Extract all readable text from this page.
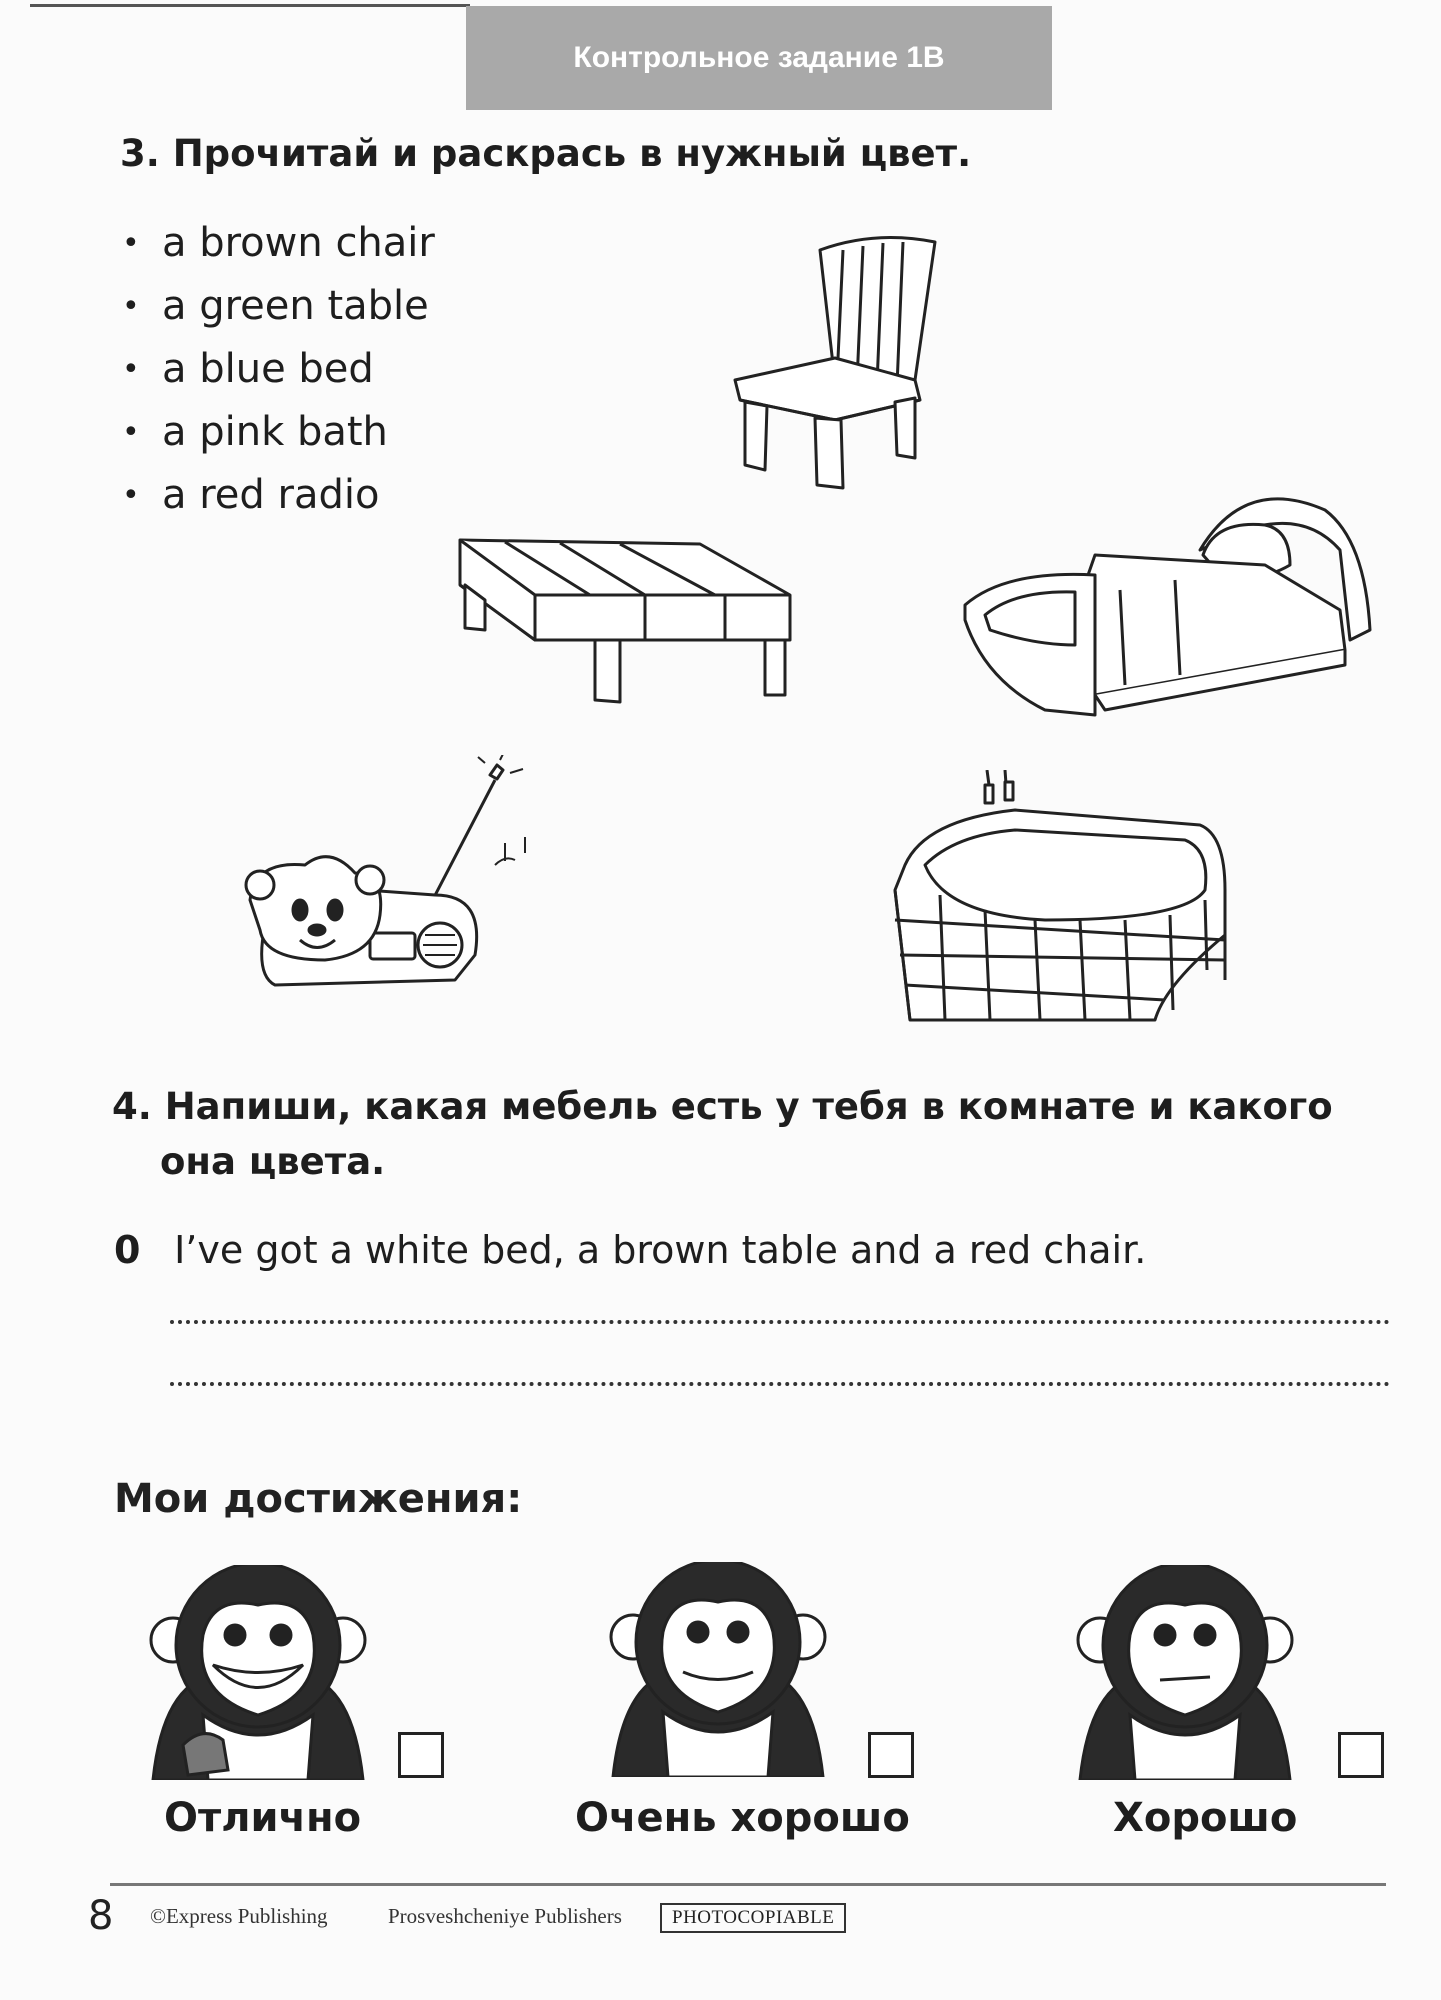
Контрольное задание 1В
3. Прочитай и раскрась в нужный цвет.
• a brown chair
• a green table
• a blue bed
• a pink bath
• a red radio
4. Напиши, какая мебель есть у тебя в комнате и какого
она цвета.
0 I’ve got a white bed, a brown table and a red chair.
Мои достижения:
Отлично	Очень хорошо	Хорошо
8 ©Express Publishing	Prosveshcheniye Publishers	PHOTOCOPIABLE
